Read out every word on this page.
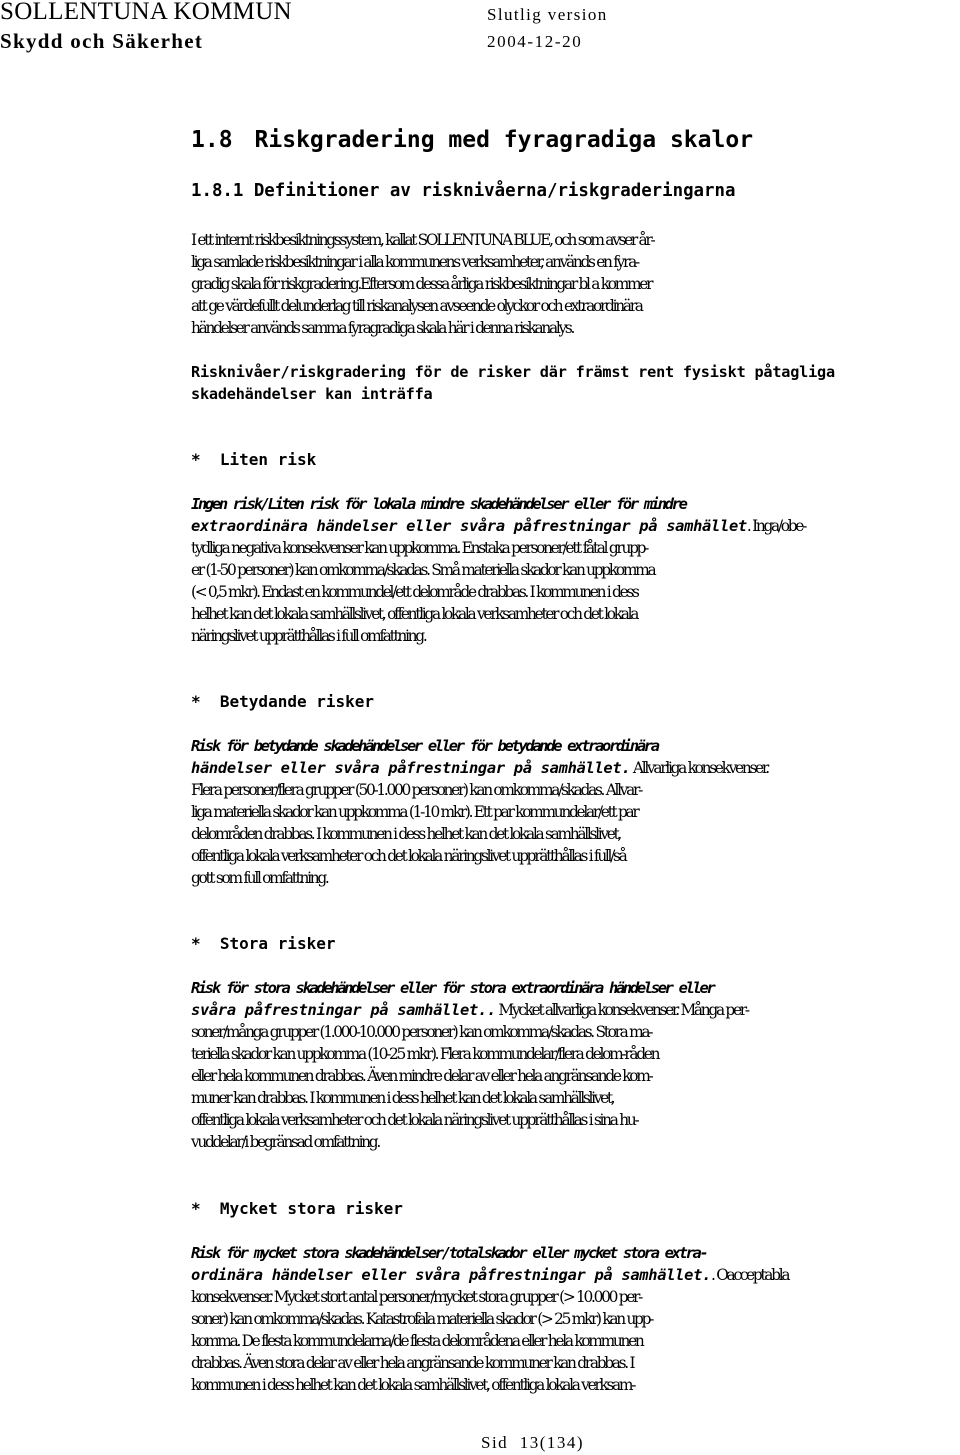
SOLLENTUNA KOMMUN
Skydd och Säkerhet
Slutlig version
2004-12-20
1.8 Riskgradering med fyragradiga skalor
1.8.1 Definitioner av risknivåerna/riskgraderingarna

I ett internt riskbesiktningssystem, kallat SOLLENTUNA BLUE, och som avser år-
liga samlade riskbesiktningar i alla kommunens verksamheter, används en fyra-
gradig skala för riskgradering.Eftersom dessa årliga riskbesiktningar bl a kommer
att ge värdefullt delunderlag till riskanalysen avseende olyckor och extraordinära
händelser används samma fyragradiga skala här i denna riskanalys.

Risknivåer/riskgradering för de risker där främst rent fysiskt påtagliga
skadehändelser kan inträffa

*  Liten risk

Ingen risk/Liten risk för lokala mindre skadehändelser eller för mindre
extraordinära händelser eller svåra påfrestningar på samhället. Inga/obe-
tydliga negativa konsekvenser kan uppkomma. Enstaka personer/ett fåtal grupp-
er (1-50 personer) kan omkomma/skadas. Små materiella skador kan uppkomma
(< 0,5 mkr). Endast en kommundel/ett delområde drabbas. I kommunen i dess
helhet kan det lokala samhällslivet, offentliga lokala verksamheter och det lokala
näringslivet upprätthållas i full omfattning.

*  Betydande risker

Risk för betydande skadehändelser eller för betydande extraordinära
händelser eller svåra påfrestningar på samhället. Allvarliga konsekvenser.
Flera personer/flera grupper (50-1.000 personer) kan omkomma/skadas. Allvar-
liga materiella skador kan uppkomma (1-10 mkr). Ett par kommundelar/ett par
delområden drabbas. I kommunen i dess helhet kan det lokala samhällslivet,
offentliga lokala verksamheter och det lokala näringslivet upprätthållas i full/så
gott som full omfattning.

*  Stora risker

Risk för stora skadehändelser eller för stora extraordinära händelser eller
svåra påfrestningar på samhället.. Mycket allvarliga konsekvenser. Många per-
soner/många grupper (1.000-10.000 personer) kan omkomma/skadas. Stora ma-
teriella skador kan uppkomma (10-25 mkr). Flera kommundelar/flera delom-råden
eller hela kommunen drabbas. Även mindre delar av eller hela angränsande kom-
muner kan drabbas. I kommunen i dess helhet kan det lokala samhällslivet,
offentliga lokala verksamheter och det lokala näringslivet upprätthållas i sina hu-
vuddelar/i begränsad omfattning.

*  Mycket stora risker

Risk för mycket stora skadehändelser/totalskador eller mycket stora extra-
ordinära händelser eller svåra påfrestningar på samhället.. Oacceptabla
konsekvenser. Mycket stort antal personer/mycket stora grupper (> 10.000 per-
soner) kan omkomma/skadas. Katastrofala materiella skador (> 25 mkr) kan upp-
komma. De flesta kommundelarna/de flesta delområdena eller hela kommunen
drabbas. Även stora delar av eller hela angränsande kommuner kan drabbas. I
kommunen i dess helhet kan det lokala samhällslivet, offentliga lokala verksam-

Sid 13(134)
